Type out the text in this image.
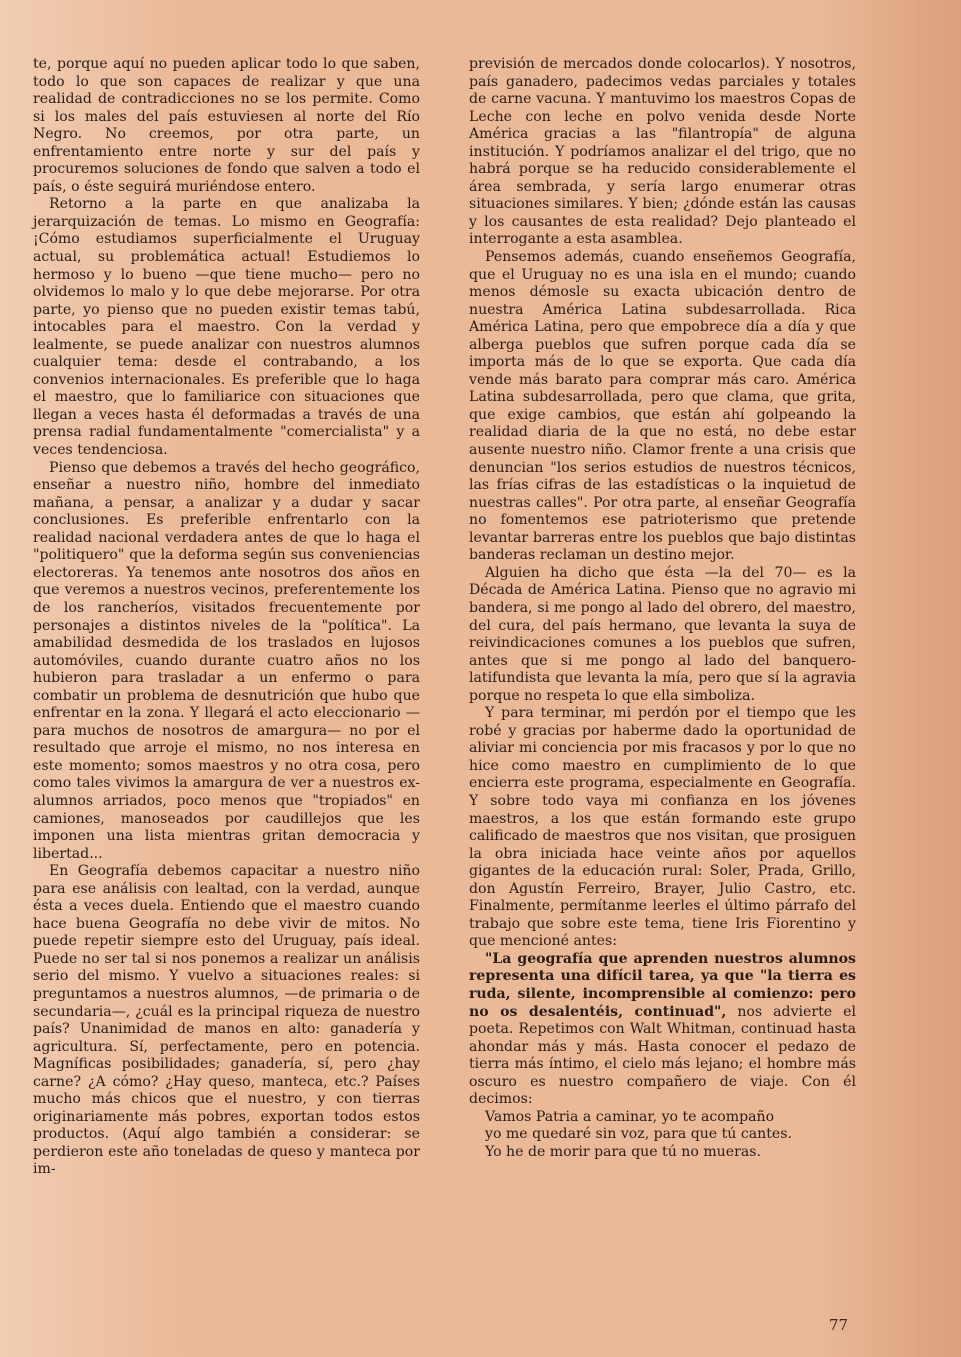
te, porque aquí no pueden aplicar todo lo que saben, todo lo que son capaces de realizar y que una realidad de contradicciones no se los permite. Como si los males del país estuviesen al norte del Río Negro. No creemos, por otra parte, un enfrentamiento entre norte y sur del país y procuremos soluciones de fondo que salven a todo el país, o éste seguirá muriéndose entero.

Retorno a la parte en que analizaba la jerarquización de temas. Lo mismo en Geografía: ¡Cómo estudiamos superficialmente el Uruguay actual, su problemática actual! Estudiemos lo hermoso y lo bueno —que tiene mucho— pero no olvidemos lo malo y lo que debe mejorarse. Por otra parte, yo pienso que no pueden existir temas tabú, intocables para el maestro. Con la verdad y lealmente, se puede analizar con nuestros alumnos cualquier tema: desde el contrabando, a los convenios internacionales. Es preferible que lo haga el maestro, que lo familiarice con situaciones que llegan a veces hasta él deformadas a través de una prensa radial fundamentalmente "comercialista" y a veces tendenciosa.

Pienso que debemos a través del hecho geográfico, enseñar a nuestro niño, hombre del inmediato mañana, a pensar, a analizar y a dudar y sacar conclusiones. Es preferible enfrentarlo con la realidad nacional verdadera antes de que lo haga el "politiquero" que la deforma según sus conveniencias electoreras. Ya tenemos ante nosotros dos años en que veremos a nuestros vecinos, preferentemente los de los rancheríos, visitados frecuentemente por personajes a distintos niveles de la "política". La amabilidad desmedida de los traslados en lujosos automóviles, cuando durante cuatro años no los hubieron para trasladar a un enfermo o para combatir un problema de desnutrición que hubo que enfrentar en la zona. Y llegará el acto eleccionario —para muchos de nosotros de amargura— no por el resultado que arroje el mismo, no nos interesa en este momento; somos maestros y no otra cosa, pero como tales vivimos la amargura de ver a nuestros ex-alumnos arriados, poco menos que "tropiados" en camiones, manoseados por caudillejos que les imponen una lista mientras gritan democracia y libertad...

En Geografía debemos capacitar a nuestro niño para ese análisis con lealtad, con la verdad, aunque ésta a veces duela. Entiendo que el maestro cuando hace buena Geografía no debe vivir de mitos. No puede repetir siempre esto del Uruguay, país ideal. Puede no ser tal si nos ponemos a realizar un análisis serio del mismo. Y vuelvo a situaciones reales: si preguntamos a nuestros alumnos, —de primaria o de secundaria—, ¿cuál es la principal riqueza de nuestro país? Unanimidad de manos en alto: ganadería y agricultura. Sí, perfectamente, pero en potencia. Magníficas posibilidades; ganadería, sí, pero ¿hay carne? ¿A cómo? ¿Hay queso, manteca, etc.? Países mucho más chicos que el nuestro, y con tierras originariamente más pobres, exportan todos estos productos. (Aquí algo también a considerar: se perdieron este año toneladas de queso y manteca por im-

previsión de mercados donde colocarlos). Y nosotros, país ganadero, padecimos vedas parciales y totales de carne vacuna. Y mantuvimo los maestros Copas de Leche con leche en polvo venida desde Norte América gracias a las "filantropía" de alguna institución. Y podríamos analizar el del trigo, que no habrá porque se ha reducido considerablemente el área sembrada, y sería largo enumerar otras situaciones similares. Y bien; ¿dónde están las causas y los causantes de esta realidad? Dejo planteado el interrogante a esta asamblea.

Pensemos además, cuando enseñemos Geografía, que el Uruguay no es una isla en el mundo; cuando menos démosle su exacta ubicación dentro de nuestra América Latina subdesarrollada. Rica América Latina, pero que empobrece día a día y que alberga pueblos que sufren porque cada día se importa más de lo que se exporta. Que cada día vende más barato para comprar más caro. América Latina subdesarrollada, pero que clama, que grita, que exige cambios, que están ahí golpeando la realidad diaria de la que no está, no debe estar ausente nuestro niño. Clamor frente a una crisis que denuncian "los serios estudios de nuestros técnicos, las frías cifras de las estadísticas o la inquietud de nuestras calles". Por otra parte, al enseñar Geografía no fomentemos ese patrioterismo que pretende levantar barreras entre los pueblos que bajo distintas banderas reclaman un destino mejor.

Alguien ha dicho que ésta —la del 70— es la Década de América Latina. Pienso que no agravio mi bandera, si me pongo al lado del obrero, del maestro, del cura, del país hermano, que levanta la suya de reivindicaciones comunes a los pueblos que sufren, antes que si me pongo al lado del banquero-latifundista que levanta la mía, pero que sí la agravia porque no respeta lo que ella simboliza.

Y para terminar, mi perdón por el tiempo que les robé y gracias por haberme dado la oportunidad de aliviar mi conciencia por mis fracasos y por lo que no hice como maestro en cumplimiento de lo que encierra este programa, especialmente en Geografía. Y sobre todo vaya mi confianza en los jóvenes maestros, a los que están formando este grupo calificado de maestros que nos visitan, que prosiguen la obra iniciada hace veinte años por aquellos gigantes de la educación rural: Soler, Prada, Grillo, don Agustín Ferreiro, Brayer, Julio Castro, etc. Finalmente, permítanme leerles el último párrafo del trabajo que sobre este tema, tiene Iris Fiorentino y que mencioné antes:

"La geografía que aprenden nuestros alumnos representa una difícil tarea, ya que "la tierra es ruda, silente, incomprensible al comienzo: pero no os desalentéis, continuad", nos advierte el poeta. Repetimos con Walt Whitman, continuad hasta ahondar más y más. Hasta conocer el pedazo de tierra más íntimo, el cielo más lejano; el hombre más oscuro es nuestro compañero de viaje. Con él decimos:

Vamos Patria a caminar, yo te acompaño
yo me quedaré sin voz, para que tú cantes.
Yo he de morir para que tú no mueras.
77
